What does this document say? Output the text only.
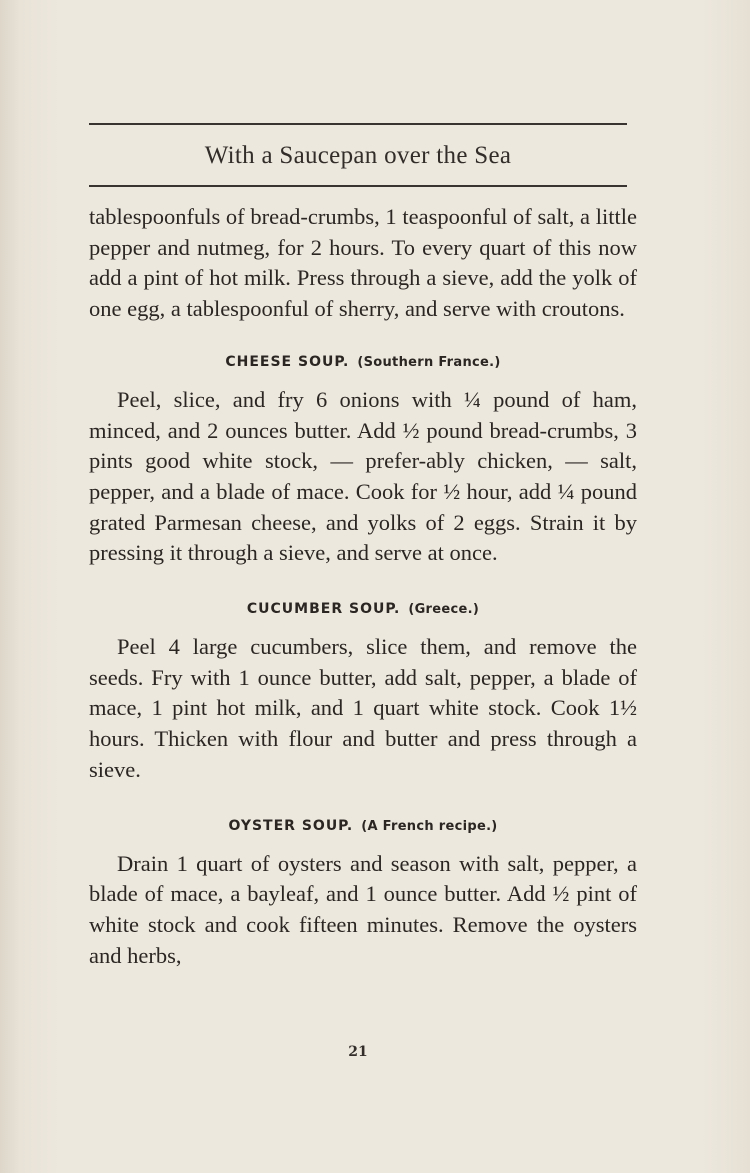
With a Saucepan over the Sea

tablespoonfuls of bread-crumbs, 1 teaspoonful of salt, a little pepper and nutmeg, for 2 hours. To every quart of this now add a pint of hot milk. Press through a sieve, add the yolk of one egg, a tablespoonful of sherry, and serve with croutons.

CHEESE SOUP. (Southern France.)

Peel, slice, and fry 6 onions with ¼ pound of ham, minced, and 2 ounces butter. Add ½ pound bread-crumbs, 3 pints good white stock, — prefer-ably chicken, — salt, pepper, and a blade of mace. Cook for ½ hour, add ¼ pound grated Parmesan cheese, and yolks of 2 eggs. Strain it by pressing it through a sieve, and serve at once.

CUCUMBER SOUP. (Greece.)

Peel 4 large cucumbers, slice them, and remove the seeds. Fry with 1 ounce butter, add salt, pepper, a blade of mace, 1 pint hot milk, and 1 quart white stock. Cook 1½ hours. Thicken with flour and butter and press through a sieve.

OYSTER SOUP. (A French recipe.)

Drain 1 quart of oysters and season with salt, pepper, a blade of mace, a bayleaf, and 1 ounce butter. Add ½ pint of white stock and cook fifteen minutes. Remove the oysters and herbs,

21
